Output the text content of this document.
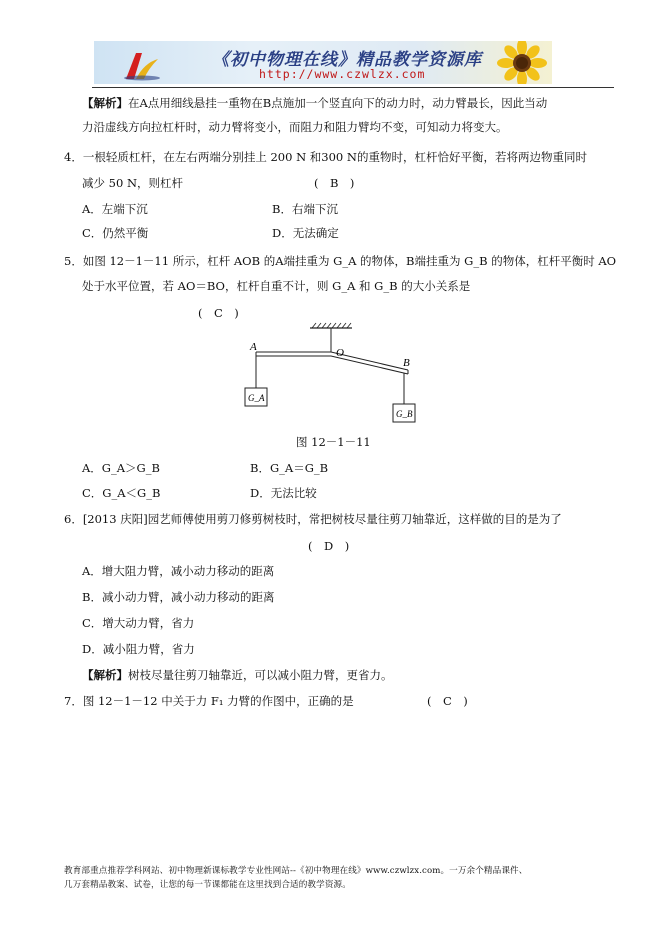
《初中物理在线》精品教学资源库
http://www.czwlzx.com
【解析】在A点用细线悬挂一重物在B点施加一个竖直向下的动力时，动力臂最长，因此当动
力沿虚线方向拉杠杆时，动力臂将变小，而阻力和阻力臂均不变，可知动力将变大。
4．一根轻质杠杆，在左右两端分别挂上 200 N 和300 N的重物时，杠杆恰好平衡，若将两边物重同时
减少 50 N，则杠杆	(　B　)
A．左端下沉	B．右端下沉
C．仍然平衡	D．无法确定
5．如图 12－1－11 所示，杠杆 AOB 的A端挂重为 G_A 的物体，B端挂重为 G_B 的物体，杠杆平衡时 AO
处于水平位置，若 AO＝BO，杠杆自重不计，则 G_A 和 G_B 的大小关系是
(　C　)
A	O
B
G_A
G_B
图 12－1－11
A．G_A＞G_B	B．G_A＝G_B
C．G_A＜G_B	D．无法比较
6．[2013 庆阳]园艺师傅使用剪刀修剪树枝时，常把树枝尽量往剪刀轴靠近，这样做的目的是为了
(　D　)
A．增大阻力臂，减小动力移动的距离
B．减小动力臂，减小动力移动的距离
C．增大动力臂，省力
D．减小阻力臂，省力
【解析】树枝尽量往剪刀轴靠近，可以减小阻力臂，更省力。
7．图 12－1－12 中关于力 F₁ 力臂的作图中，正确的是	(　C　)
教育部重点推荐学科网站、初中物理新课标教学专业性网站--《初中物理在线》www.czwlzx.com。一万余个精品课件、
几万套精品教案、试卷，让您的每一节课都能在这里找到合适的教学资源。
